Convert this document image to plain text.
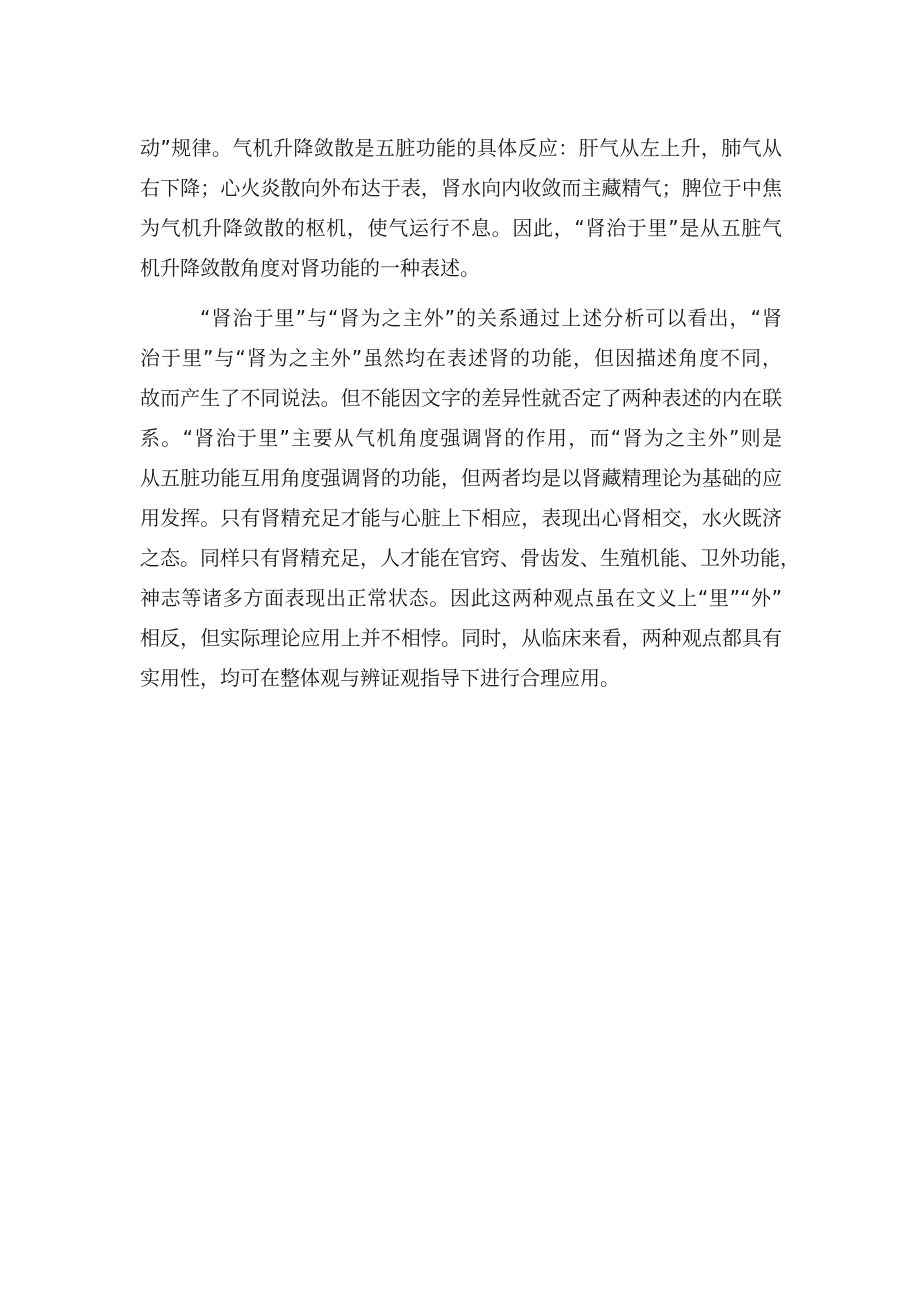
动”规律。气机升降敛散是五脏功能的具体反应：肝气从左上升，肺气从
右下降；心火炎散向外布达于表，肾水向内收敛而主藏精气；脾位于中焦
为气机升降敛散的枢机，使气运行不息。因此，“肾治于里”是从五脏气
机升降敛散角度对肾功能的一种表述。
“肾治于里”与“肾为之主外”的关系通过上述分析可以看出，“肾
治于里”与“肾为之主外”虽然均在表述肾的功能，但因描述角度不同，
故而产生了不同说法。但不能因文字的差异性就否定了两种表述的内在联
系。“肾治于里”主要从气机角度强调肾的作用，而“肾为之主外”则是
从五脏功能互用角度强调肾的功能，但两者均是以肾藏精理论为基础的应
用发挥。只有肾精充足才能与心脏上下相应，表现出心肾相交，水火既济
之态。同样只有肾精充足，人才能在官窍、骨齿发、生殖机能、卫外功能，
神志等诸多方面表现出正常状态。因此这两种观点虽在文义上“里”“外”
相反，但实际理论应用上并不相悖。同时，从临床来看，两种观点都具有
实用性，均可在整体观与辨证观指导下进行合理应用。
